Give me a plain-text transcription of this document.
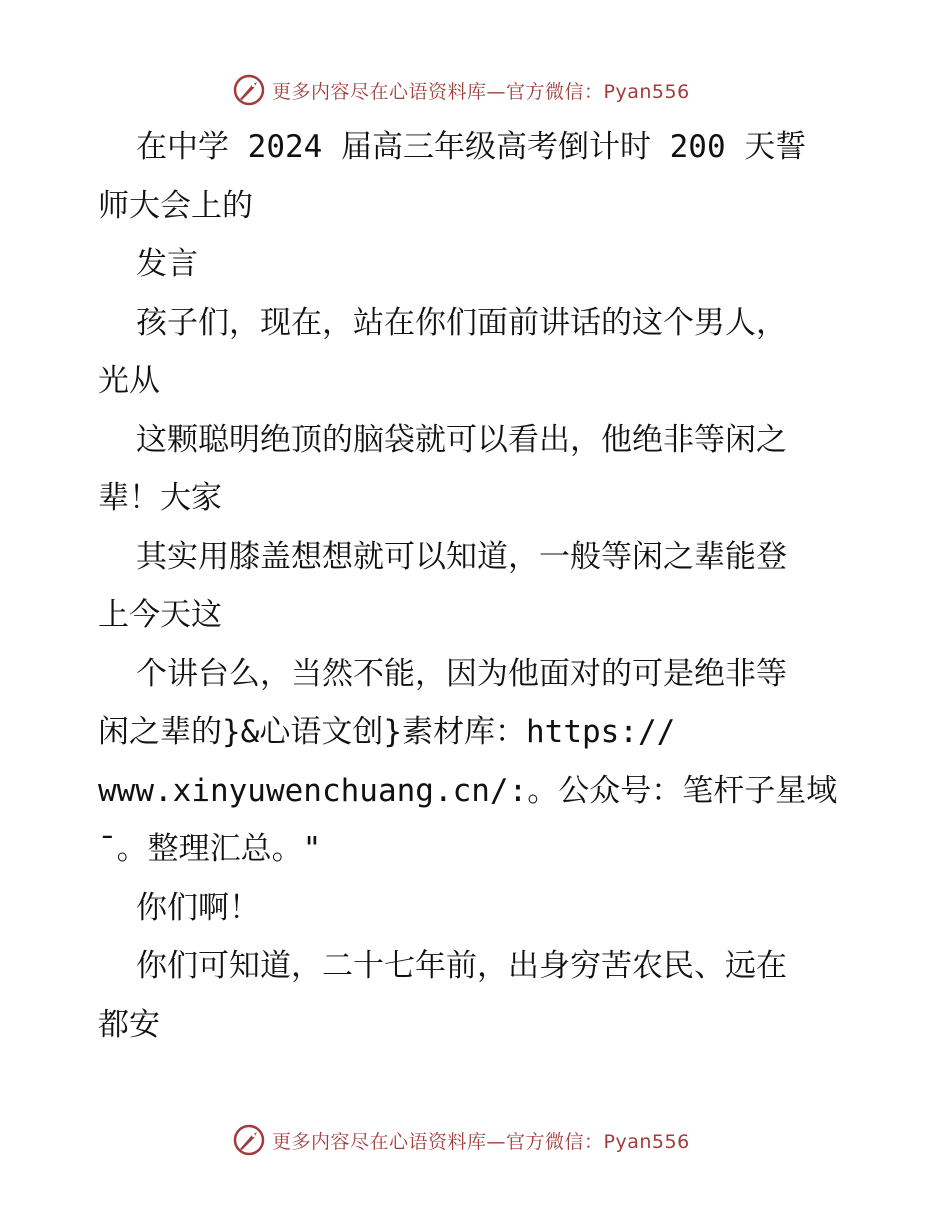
更多内容尽在心语资料库—官方微信：Pyan556
在中学 2024 届高三年级高考倒计时 200 天誓
师大会上的
发言
孩子们，现在，站在你们面前讲话的这个男人，
光从
这颗聪明绝顶的脑袋就可以看出，他绝非等闲之
辈！大家
其实用膝盖想想就可以知道，一般等闲之辈能登
上今天这
个讲台么，当然不能，因为他面对的可是绝非等
闲之辈的}&心语文创}素材库：https://
www.xinyuwenchuang.cn/:。公众号：笔杆子星域
ˉ。整理汇总。"
你们啊！
你们可知道，二十七年前，出身穷苦农民、远在
都安
更多内容尽在心语资料库—官方微信：Pyan556
